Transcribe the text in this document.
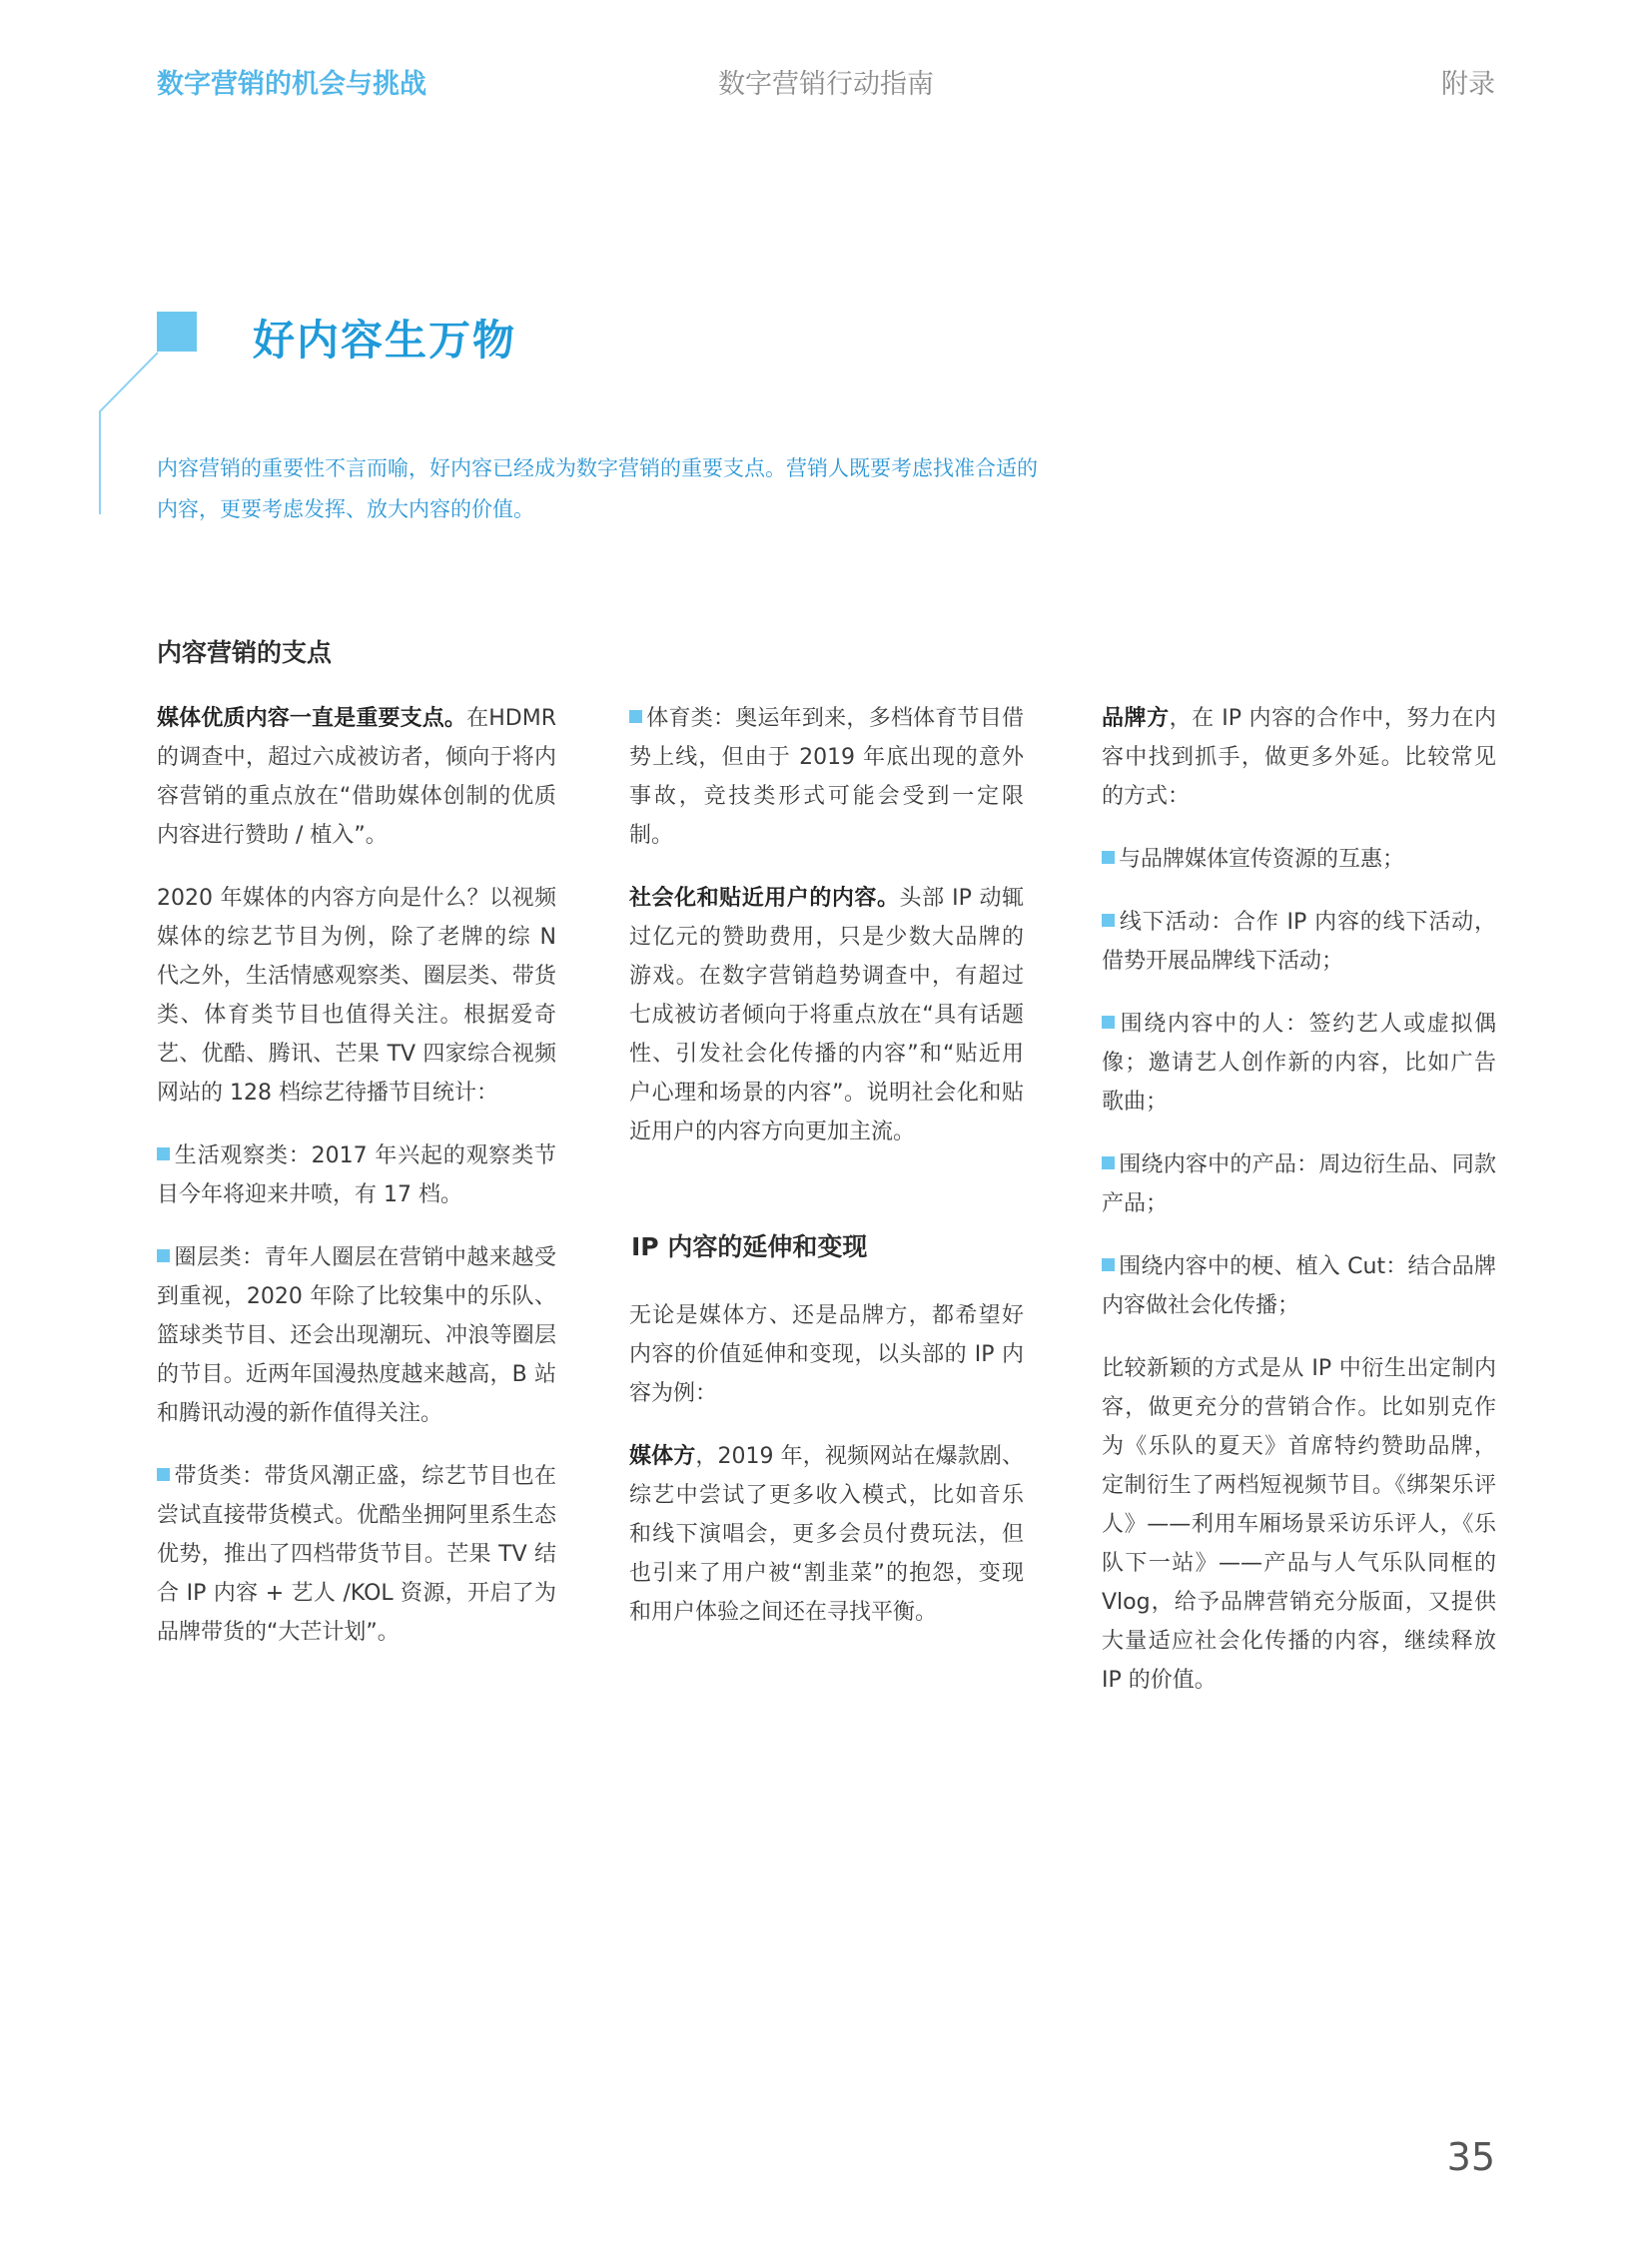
数字营销的机会与挑战	数字营销行动指南	附录
好内容生万物
内容营销的重要性不言而喻，好内容已经成为数字营销的重要支点。营销人既要考虑找准合适的内容，更要考虑发挥、放大内容的价值。
内容营销的支点

媒体优质内容一直是重要支点。在HDMR 的调查中，超过六成被访者，倾向于将内容营销的重点放在“借助媒体创制的优质内容进行赞助 / 植入”。

2020 年媒体的内容方向是什么？以视频媒体的综艺节目为例，除了老牌的综 N 代之外，生活情感观察类、圈层类、带货类、体育类节目也值得关注。根据爱奇艺、优酷、腾讯、芒果 TV 四家综合视频网站的 128 档综艺待播节目统计：

生活观察类：2017 年兴起的观察类节目今年将迎来井喷，有 17 档。

圈层类：青年人圈层在营销中越来越受到重视，2020 年除了比较集中的乐队、篮球类节目、还会出现潮玩、冲浪等圈层的节目。近两年国漫热度越来越高，B 站和腾讯动漫的新作值得关注。

带货类：带货风潮正盛，综艺节目也在尝试直接带货模式。优酷坐拥阿里系生态优势，推出了四档带货节目。芒果 TV 结合 IP 内容 + 艺人 /KOL 资源，开启了为品牌带货的“大芒计划”。

体育类：奥运年到来，多档体育节目借势上线，但由于 2019 年底出现的意外事故，竞技类形式可能会受到一定限制。

社会化和贴近用户的内容。头部 IP 动辄过亿元的赞助费用，只是少数大品牌的游戏。在数字营销趋势调查中，有超过七成被访者倾向于将重点放在“具有话题性、引发社会化传播的内容”和“贴近用户心理和场景的内容”。说明社会化和贴近用户的内容方向更加主流。

IP 内容的延伸和变现

无论是媒体方、还是品牌方，都希望好内容的价值延伸和变现，以头部的 IP 内容为例：

媒体方，2019 年，视频网站在爆款剧、综艺中尝试了更多收入模式，比如音乐和线下演唱会，更多会员付费玩法，但也引来了用户被“割韭菜”的抱怨，变现和用户体验之间还在寻找平衡。

品牌方，在 IP 内容的合作中，努力在内容中找到抓手，做更多外延。比较常见的方式：

与品牌媒体宣传资源的互惠；

线下活动：合作 IP 内容的线下活动，借势开展品牌线下活动；

围绕内容中的人：签约艺人或虚拟偶像；邀请艺人创作新的内容，比如广告歌曲；

围绕内容中的产品：周边衍生品、同款产品；

围绕内容中的梗、植入 Cut：结合品牌内容做社会化传播；

比较新颖的方式是从 IP 中衍生出定制内容，做更充分的营销合作。比如别克作为《乐队的夏天》首席特约赞助品牌，定制衍生了两档短视频节目。《绑架乐评人》——利用车厢场景采访乐评人，《乐队下一站》——产品与人气乐队同框的 Vlog，给予品牌营销充分版面，又提供大量适应社会化传播的内容，继续释放 IP 的价值。

35
